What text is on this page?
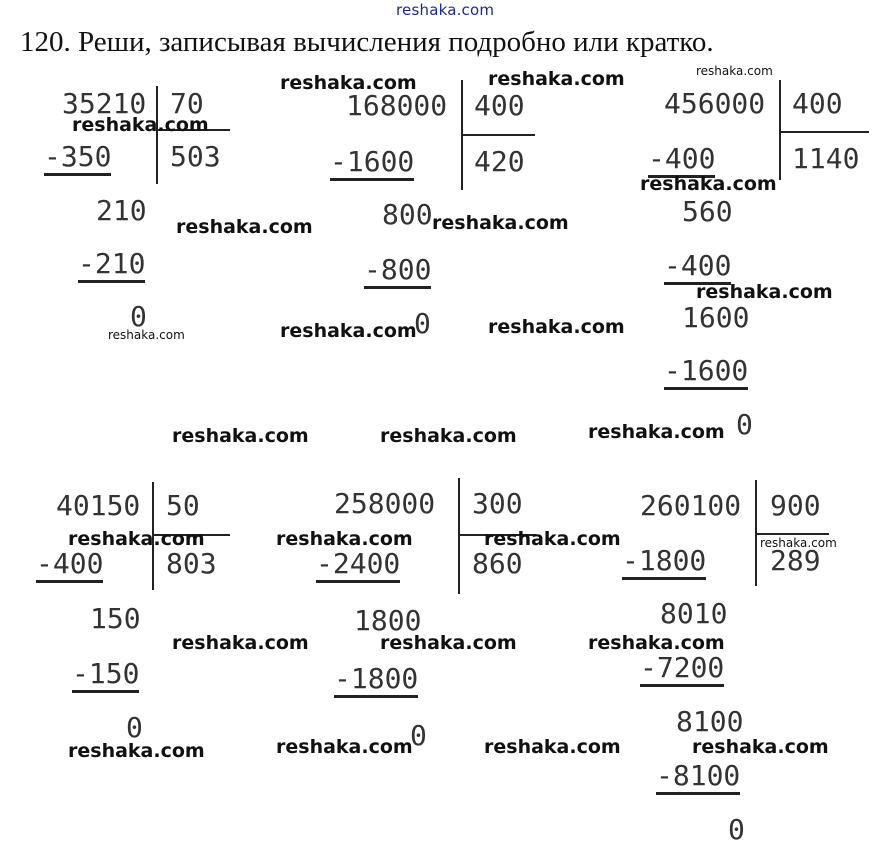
reshaka.com
120. Реши, записывая вычисления подробно или кратко.
35210 70
503
-350
210
-210
0
168000 400
420
-1600
800
-800
0
456000 400
1140
-400
560
-400
1600
-1600
0
40150 50
803
-400
150
-150
0
258000 300
860
-2400
1800
-1800
0
260100 900
289
-1800
8010
-7200
8100
-8100
0
reshaka.com	reshaka.com	reshaka.com
reshaka.com
reshaka.com
reshaka.com	reshaka.com
reshaka.com
reshaka.com	reshaka.com	reshaka.com
reshaka.com	reshaka.com	reshaka.com
reshaka.com	reshaka.com	reshaka.com	reshaka.com
reshaka.com	reshaka.com	reshaka.com
reshaka.com	reshaka.com	reshaka.com	reshaka.com
